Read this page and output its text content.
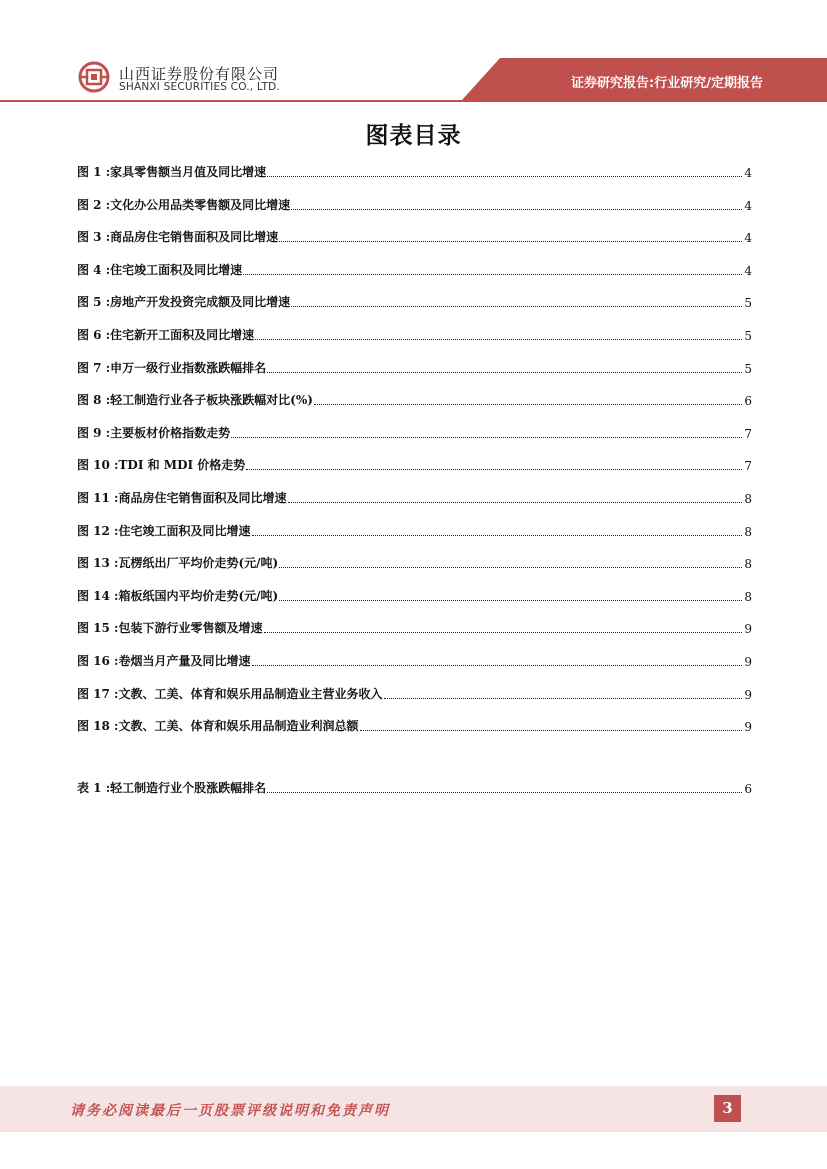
山西证券股份有限公司
SHANXI SECURITIES CO., LTD.	证券研究报告:行业研究/定期报告
图表目录
图 1 :家具零售额当月值及同比增速	4
图 2 :文化办公用品类零售额及同比增速	4
图 3 :商品房住宅销售面积及同比增速	4
图 4 :住宅竣工面积及同比增速	4
图 5 :房地产开发投资完成额及同比增速	5
图 6 :住宅新开工面积及同比增速	5
图 7 :申万一级行业指数涨跌幅排名	5
图 8 :轻工制造行业各子板块涨跌幅对比(%)	6
图 9 :主要板材价格指数走势	7
图 10 :TDI 和 MDI 价格走势	7
图 11 :商品房住宅销售面积及同比增速	8
图 12 :住宅竣工面积及同比增速	8
图 13 :瓦楞纸出厂平均价走势(元/吨)	8
图 14 :箱板纸国内平均价走势(元/吨)	8
图 15 :包装下游行业零售额及增速	9
图 16 :卷烟当月产量及同比增速	9
图 17 :文教、工美、体育和娱乐用品制造业主营业务收入	9
图 18 :文教、工美、体育和娱乐用品制造业利润总额	9
表 1 :轻工制造行业个股涨跌幅排名	6
请务必阅读最后一页股票评级说明和免责声明	3
